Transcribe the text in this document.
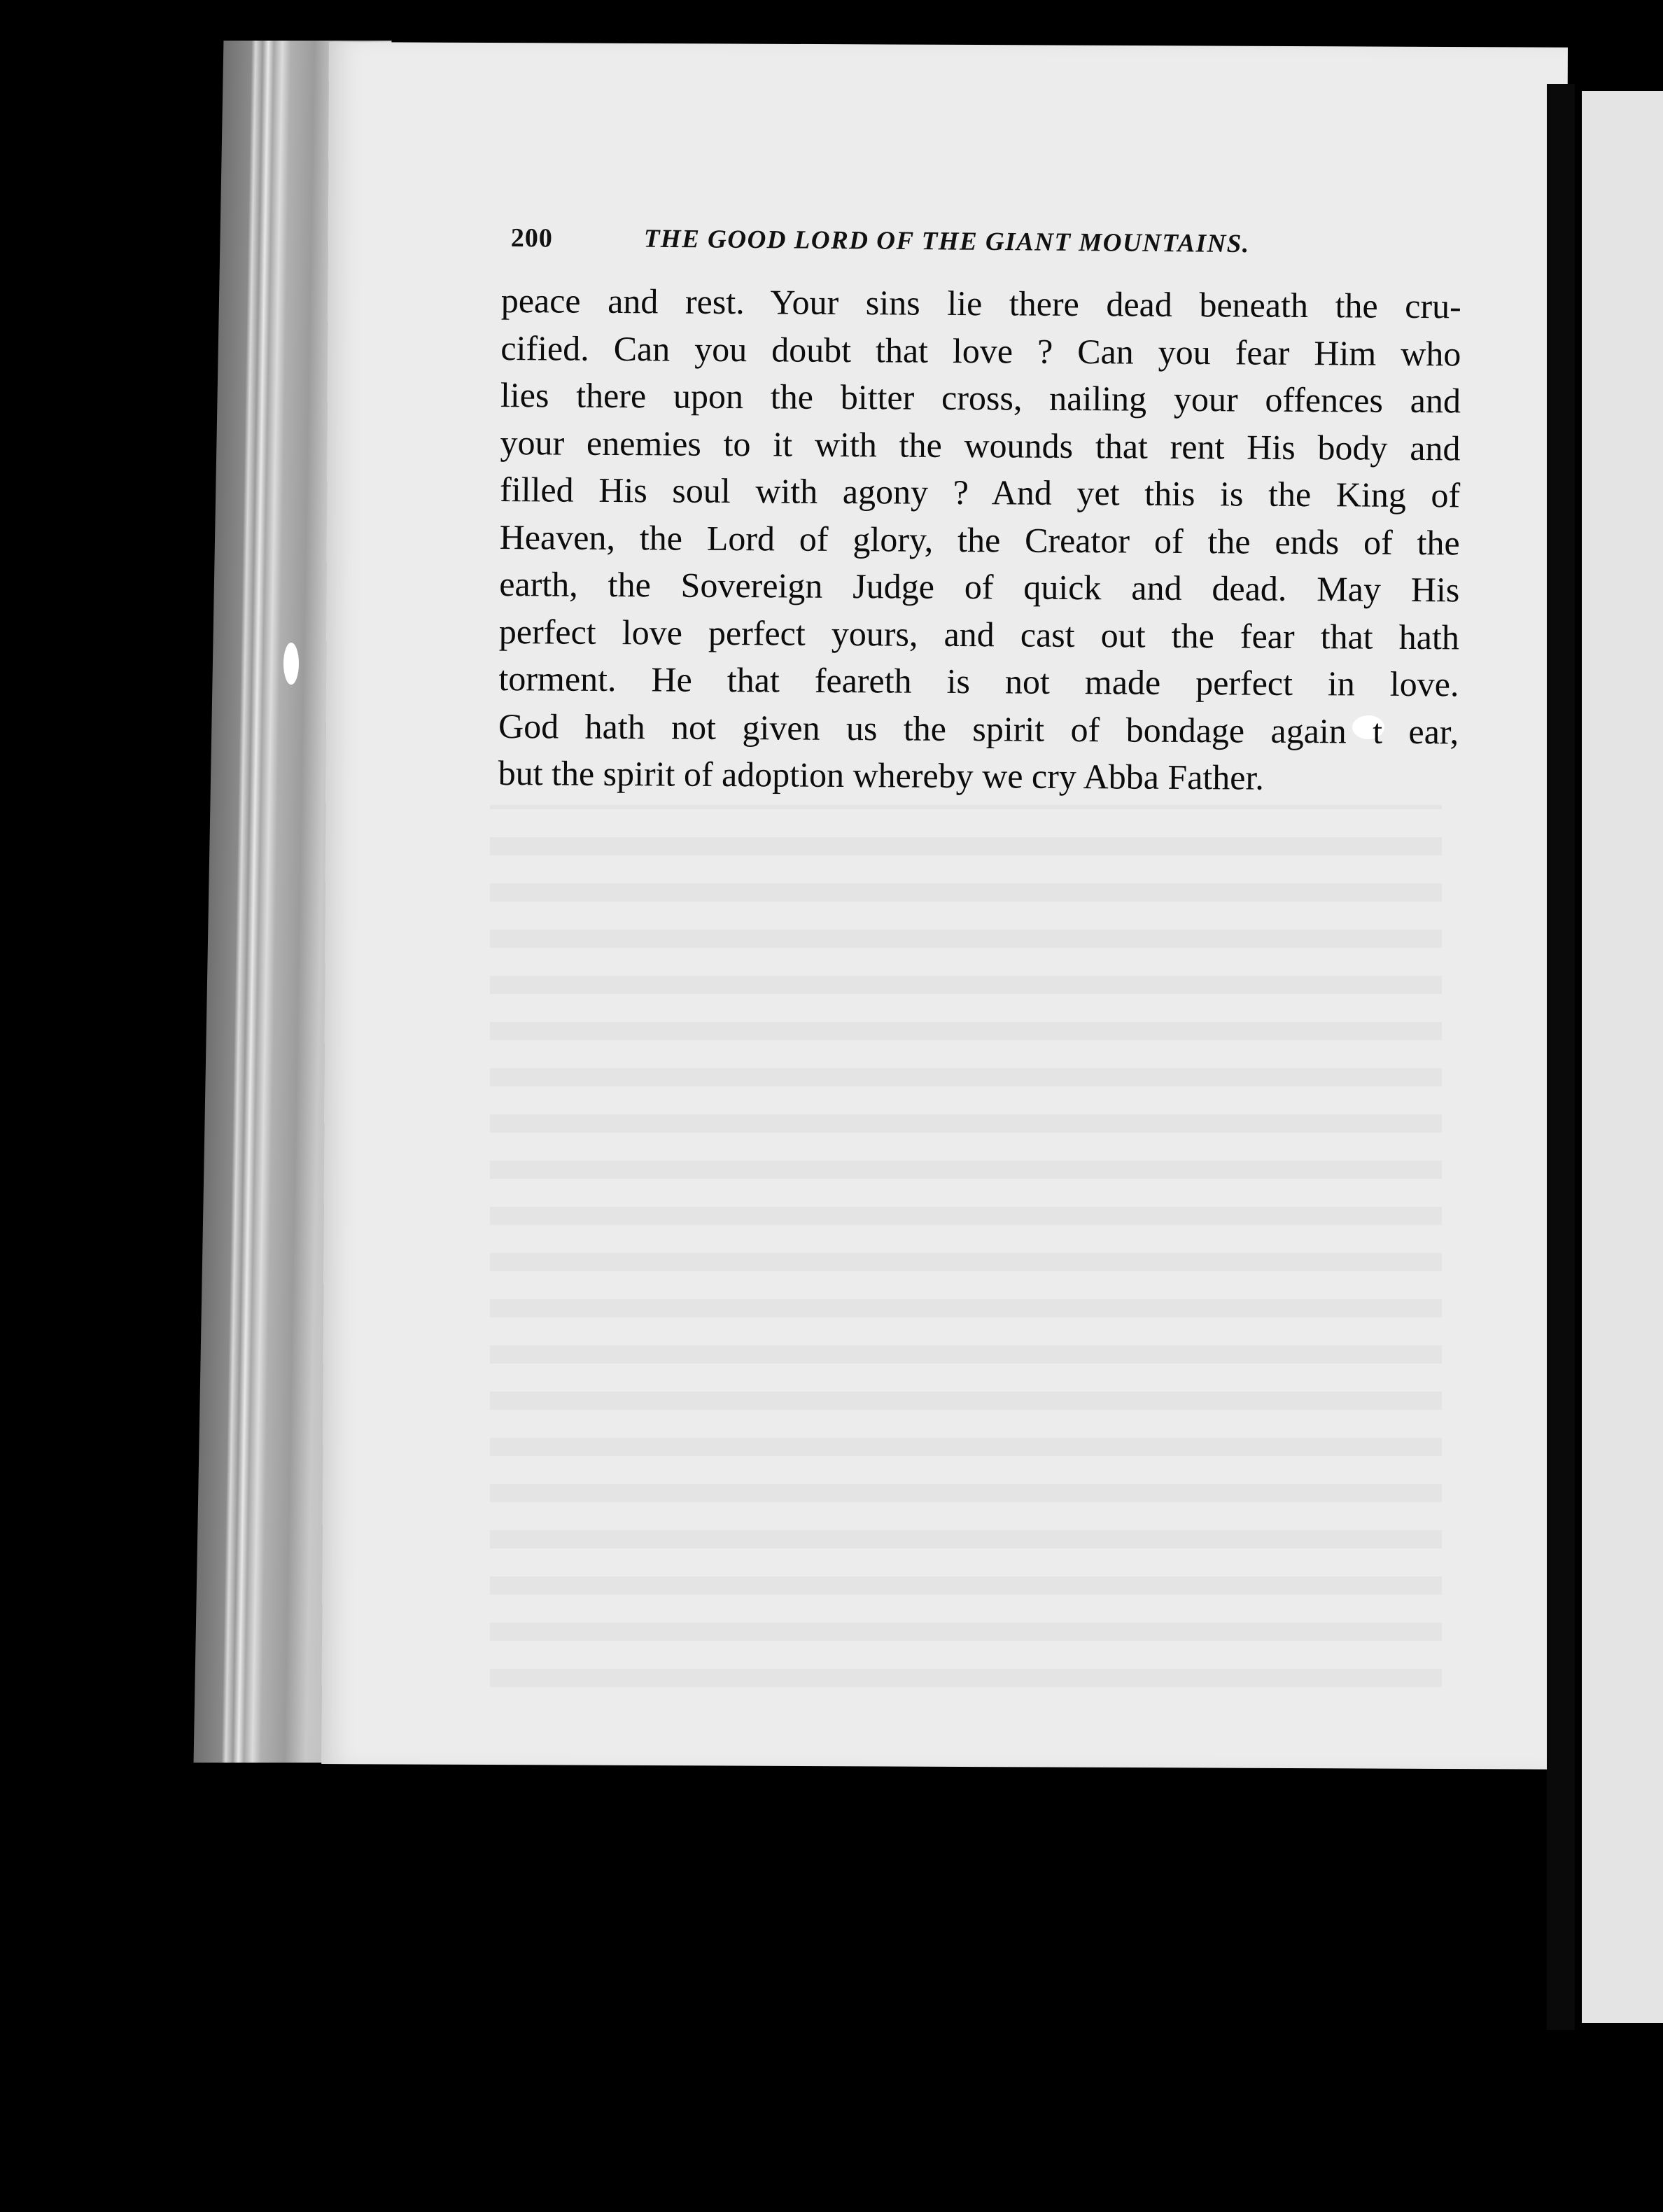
200	THE GOOD LORD OF THE GIANT MOUNTAINS.
peace and rest. Your sins lie there dead beneath the cru-
cified. Can you doubt that love ? Can you fear Him who
lies there upon the bitter cross, nailing your offences and
your enemies to it with the wounds that rent His body and
filled His soul with agony ? And yet this is the King of
Heaven, the Lord of glory, the Creator of the ends of the
earth, the Sovereign Judge of quick and dead. May His
perfect love perfect yours, and cast out the fear that hath
torment. He that feareth is not made perfect in love.
God hath not given us the spirit of bondage again t ear,
but the spirit of adoption whereby we cry Abba Father.
